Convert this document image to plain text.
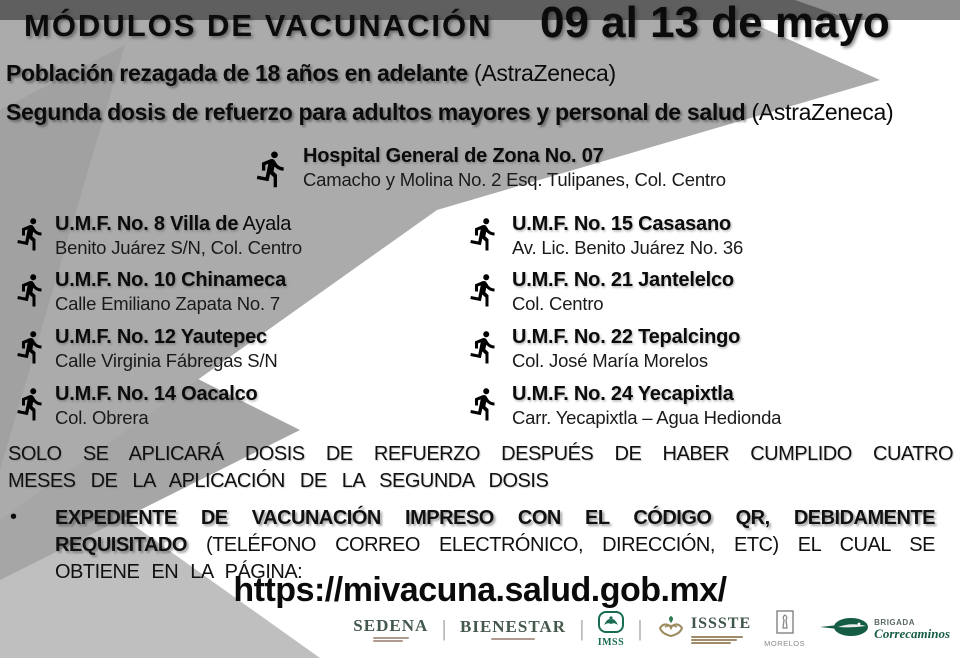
MÓDULOS DE VACUNACIÓN 09 al 13 de mayo
Población rezagada de 18 años en adelante (AstraZeneca)
Segunda dosis de refuerzo para adultos mayores y personal de salud (AstraZeneca)
Hospital General de Zona No. 07
Camacho y Molina No. 2 Esq. Tulipanes, Col. Centro
U.M.F. No. 8 Villa de Ayala
Benito Juárez S/N, Col. Centro
U.M.F. No. 10 Chinameca
Calle Emiliano Zapata No. 7
U.M.F. No. 12 Yautepec
Calle Virginia Fábregas S/N
U.M.F. No. 14 Oacalco
Col. Obrera
U.M.F. No. 15 Casasano
Av. Lic. Benito Juárez No. 36
U.M.F. No. 21 Jantelelco
Col. Centro
U.M.F. No. 22 Tepalcingo
Col. José María Morelos
U.M.F. No. 24 Yecapixtla
Carr. Yecapixtla – Agua Hedionda
SOLO SE APLICARÁ DOSIS DE REFUERZO DESPUÉS DE HABER CUMPLIDO CUATRO MESES DE LA APLICACIÓN DE LA SEGUNDA DOSIS
• EXPEDIENTE DE VACUNACIÓN IMPRESO CON EL CÓDIGO QR, DEBIDAMENTE REQUISITADO (TELÉFONO CORREO ELECTRÓNICO, DIRECCIÓN, ETC) EL CUAL SE OBTIENE EN LA PÁGINA:
https://mivacuna.salud.gob.mx/
SEDENA | BIENESTAR |
IMSS
|	ISSSTE
MORELOS
BRIGADA
Correcaminos
